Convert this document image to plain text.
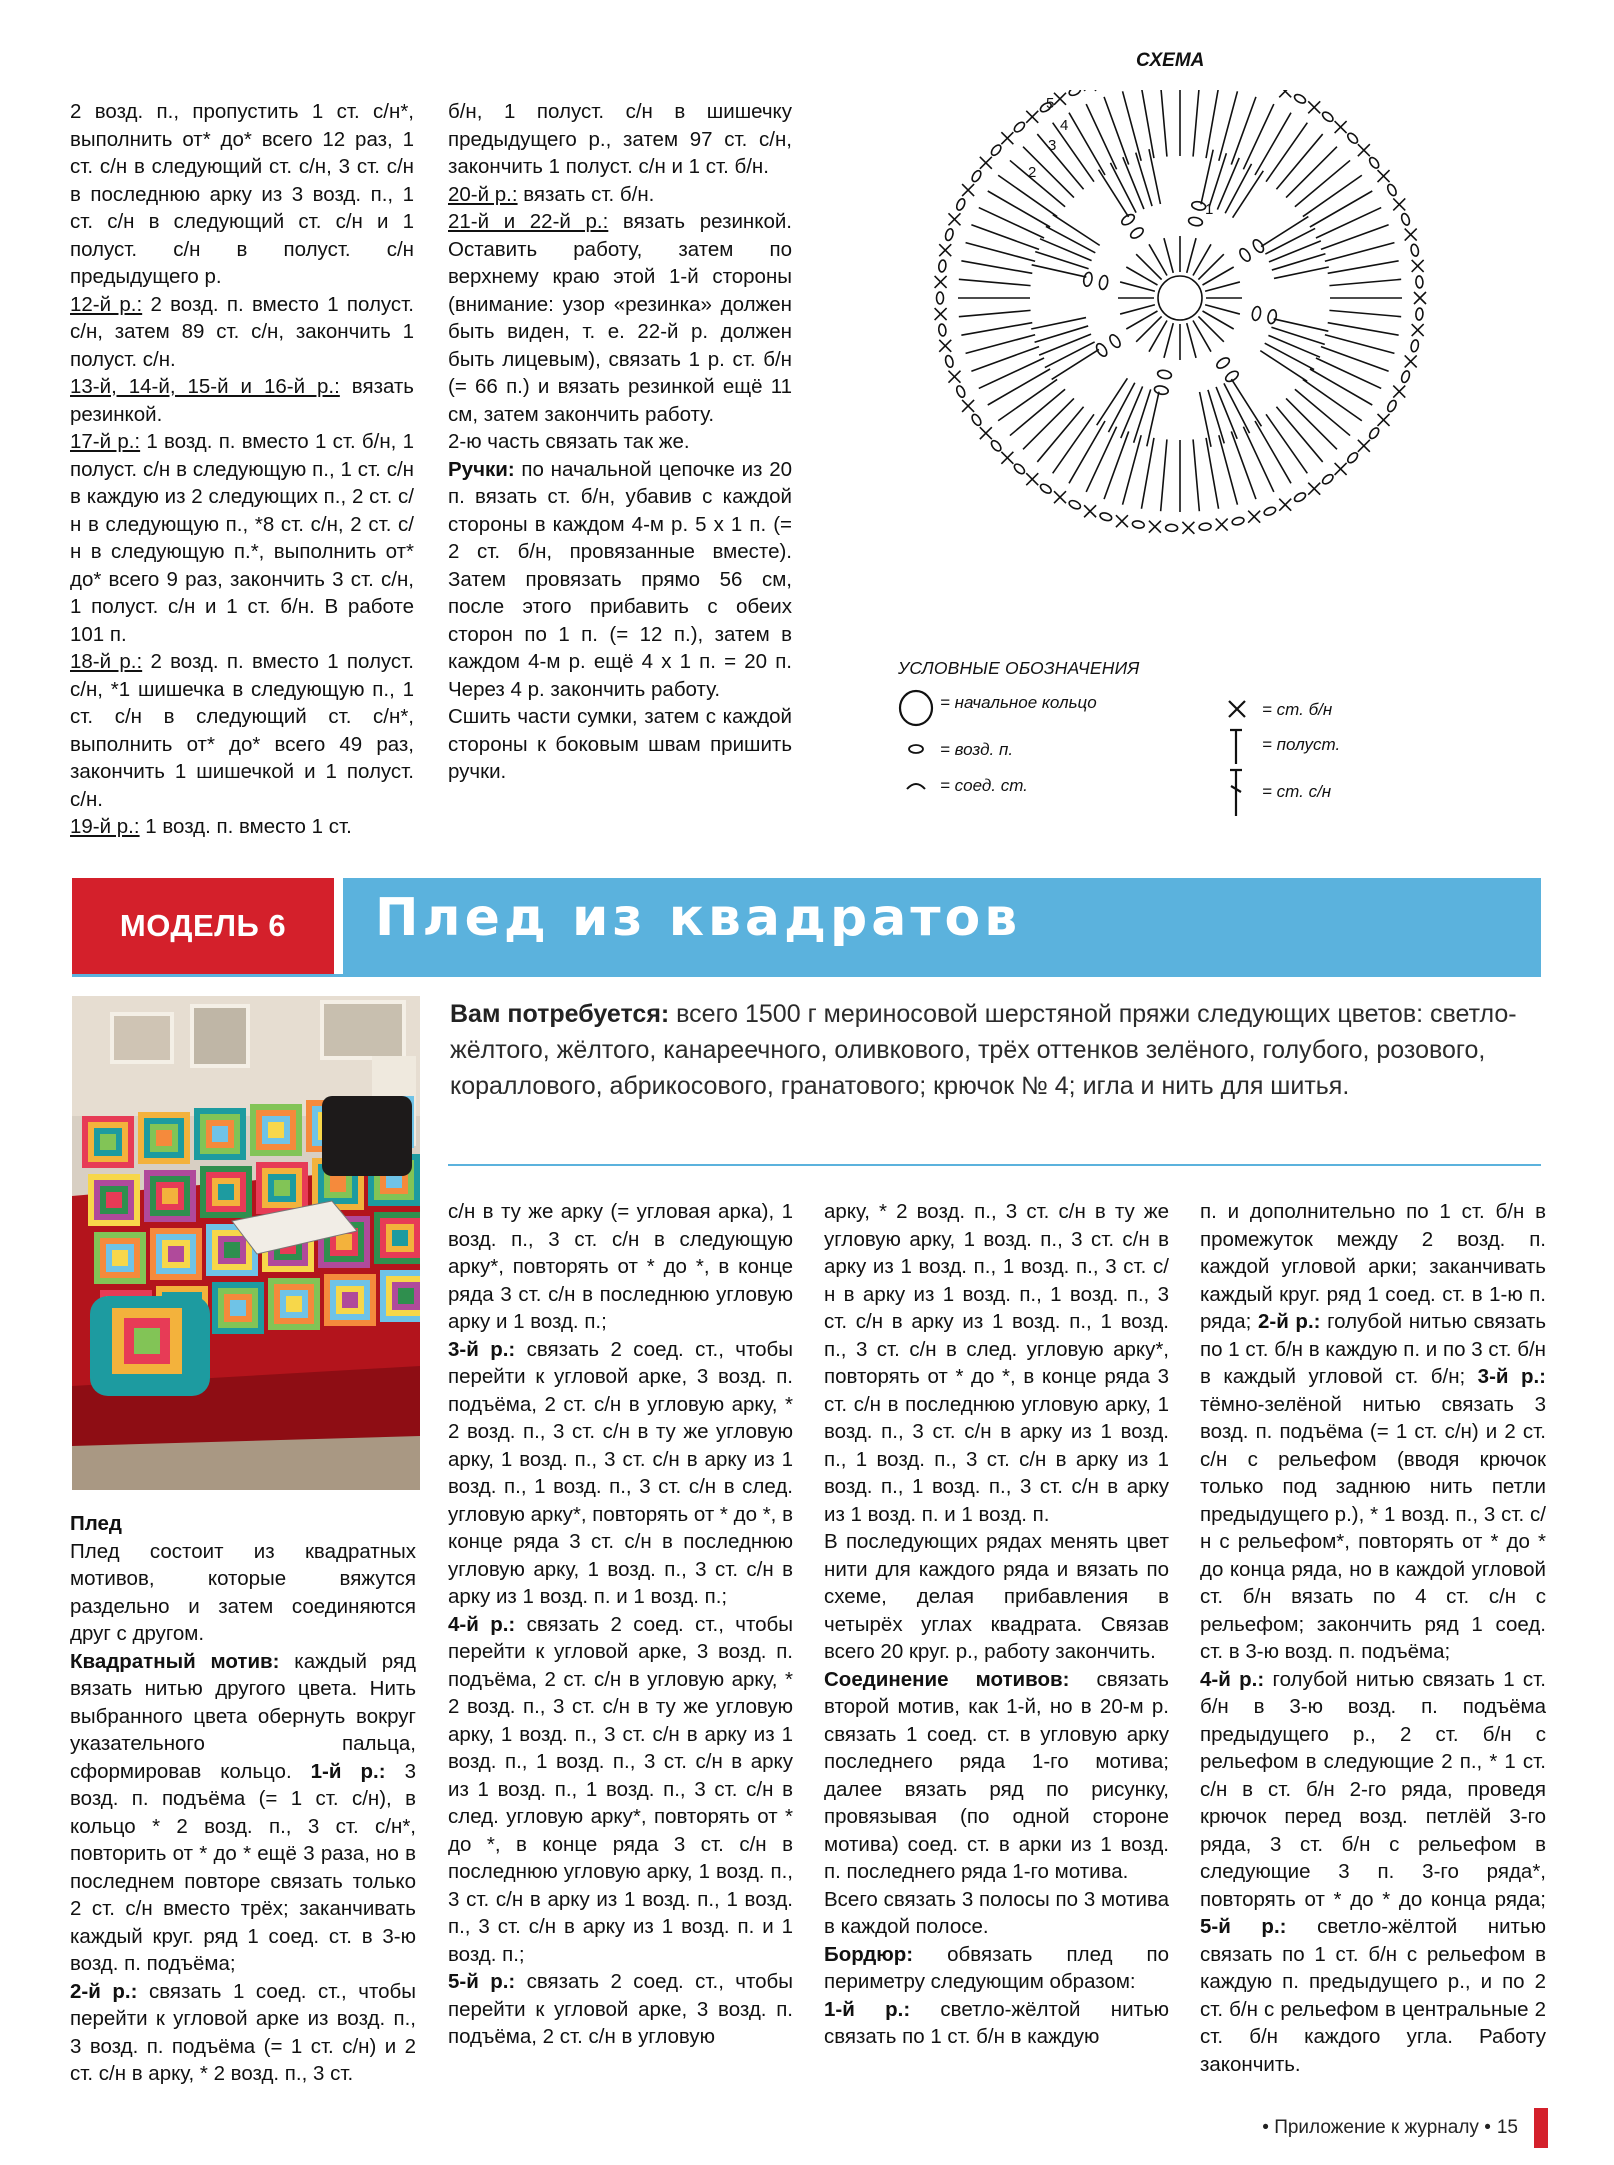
2 возд. п., пропустить 1 ст. с/н*, выполнить от* до* всего 12 раз, 1 ст. с/н в следующий ст. с/н, 3 ст. с/н в последнюю арку из 3 возд. п., 1 ст. с/н в следующий ст. с/н и 1 полуст. с/н в полуст. с/н предыдущего р.

12-й р.: 2 возд. п. вместо 1 полуст. с/н, затем 89 ст. с/н, закончить 1 полуст. с/н.

13-й, 14-й, 15-й и 16-й р.: вязать резинкой.

17-й р.: 1 возд. п. вместо 1 ст. б/н, 1 полуст. с/н в следующую п., 1 ст. с/н в каждую из 2 следующих п., 2 ст. с/н в следующую п., *8 ст. с/н, 2 ст. с/н в следующую п.*, выполнить от* до* всего 9 раз, закончить 3 ст. с/н, 1 полуст. с/н и 1 ст. б/н. В работе 101 п.

18-й р.: 2 возд. п. вместо 1 полуст. с/н, *1 шишечка в следующую п., 1 ст. с/н в следующий ст. с/н*, выполнить от* до* всего 49 раз, закончить 1 шишечкой и 1 полуст. с/н.

19-й р.: 1 возд. п. вместо 1 ст.

б/н, 1 полуст. с/н в шишечку предыдущего р., затем 97 ст. с/н, закончить 1 полуст. с/н и 1 ст. б/н.

20-й р.: вязать ст. б/н.

21-й и 22-й р.: вязать резинкой. Оставить работу, затем по верхнему краю этой 1-й стороны (внимание: узор «резинка» должен быть виден, т. е. 22-й р. должен быть лицевым), связать 1 р. ст. б/н (= 66 п.) и вязать резинкой ещё 11 см, затем закончить работу.

2-ю часть связать так же.

Ручки: по начальной цепочке из 20 п. вязать ст. б/н, убавив с каждой стороны в каждом 4-м р. 5 х 1 п. (= 2 ст. б/н, провязанные вместе). Затем провязать прямо 56 см, после этого прибавить с обеих сторон по 1 п. (= 12 п.), затем в каждом 4-м р. ещё 4 х 1 п. = 20 п. Через 4 р. закончить работу.

Сшить части сумки, затем с каждой стороны к боковым швам пришить ручки.

СХЕМА
1
2
3
4
5
УСЛОВНЫЕ ОБОЗНАЧЕНИЯ
= начальное кольцо
= возд. п.
= соед. ст.
= ст. б/н
= полуст.
= ст. с/н
МОДЕЛЬ 6	Плед из квадратов
Вам потребуется: всего 1500 г мериносовой шерстяной пряжи следующих цветов: светло-жёлтого, жёлтого, канареечного, оливкового, трёх оттенков зелёного, голубого, розового, кораллового, абрикосового, гранатового; крючок № 4; игла и нить для шитья.

Плед

Плед состоит из квадратных мотивов, которые вяжутся раздельно и затем соединяются друг с другом.

Квадратный мотив: каждый ряд вязать нитью другого цвета. Нить выбранного цвета обернуть вокруг указательного пальца, сформировав кольцо. 1-й р.: 3 возд. п. подъёма (= 1 ст. с/н), в кольцо * 2 возд. п., 3 ст. с/н*, повторить от * до * ещё 3 раза, но в последнем повторе связать только 2 ст. с/н вместо трёх; заканчивать каждый круг. ряд 1 соед. ст. в 3-ю возд. п. подъёма;

2-й р.: связать 1 соед. ст., чтобы перейти к угловой арке из возд. п., 3 возд. п. подъёма (= 1 ст. с/н) и 2 ст. с/н в арку, * 2 возд. п., 3 ст.

с/н в ту же арку (= угловая арка), 1 возд. п., 3 ст. с/н в следующую арку*, повторять от * до *, в конце ряда 3 ст. с/н в последнюю угловую арку и 1 возд. п.;

3-й р.: связать 2 соед. ст., чтобы перейти к угловой арке, 3 возд. п. подъёма, 2 ст. с/н в угловую арку, * 2 возд. п., 3 ст. с/н в ту же угловую арку, 1 возд. п., 3 ст. с/н в арку из 1 возд. п., 1 возд. п., 3 ст. с/н в след. угловую арку*, повторять от * до *, в конце ряда 3 ст. с/н в последнюю угловую арку, 1 возд. п., 3 ст. с/н в арку из 1 возд. п. и 1 возд. п.;

4-й р.: связать 2 соед. ст., чтобы перейти к угловой арке, 3 возд. п. подъёма, 2 ст. с/н в угловую арку, * 2 возд. п., 3 ст. с/н в ту же угловую арку, 1 возд. п., 3 ст. с/н в арку из 1 возд. п., 1 возд. п., 3 ст. с/н в арку из 1 возд. п., 1 возд. п., 3 ст. с/н в след. угловую арку*, повторять от * до *, в конце ряда 3 ст. с/н в последнюю угловую арку, 1 возд. п., 3 ст. с/н в арку из 1 возд. п., 1 возд. п., 3 ст. с/н в арку из 1 возд. п. и 1 возд. п.;

5-й р.: связать 2 соед. ст., чтобы перейти к угловой арке, 3 возд. п. подъёма, 2 ст. с/н в угловую

арку, * 2 возд. п., 3 ст. с/н в ту же угловую арку, 1 возд. п., 3 ст. с/н в арку из 1 возд. п., 1 возд. п., 3 ст. с/н в арку из 1 возд. п., 1 возд. п., 3 ст. с/н в арку из 1 возд. п., 1 возд. п., 3 ст. с/н в след. угловую арку*, повторять от * до *, в конце ряда 3 ст. с/н в последнюю угловую арку, 1 возд. п., 3 ст. с/н в арку из 1 возд. п., 1 возд. п., 3 ст. с/н в арку из 1 возд. п., 1 возд. п., 3 ст. с/н в арку из 1 возд. п. и 1 возд. п.

В последующих рядах менять цвет нити для каждого ряда и вязать по схеме, делая прибавления в четырёх углах квадрата. Связав всего 20 круг. р., работу закончить.

Соединение мотивов: связать второй мотив, как 1-й, но в 20-м р. связать 1 соед. ст. в угловую арку последнего ряда 1-го мотива; далее вязать ряд по рисунку, провязывая (по одной стороне мотива) соед. ст. в арки из 1 возд. п. последнего ряда 1-го мотива.

Всего связать 3 полосы по 3 мотива в каждой полосе.

Бордюр: обвязать плед по периметру следующим образом:

1-й р.: светло-жёлтой нитью связать по 1 ст. б/н в каждую

п. и дополнительно по 1 ст. б/н в промежуток между 2 возд. п. каждой угловой арки; заканчивать каждый круг. ряд 1 соед. ст. в 1-ю п. ряда; 2-й р.: голубой нитью связать по 1 ст. б/н в каждую п. и по 3 ст. б/н в каждый угловой ст. б/н; 3-й р.: тёмно-зелёной нитью связать 3 возд. п. подъёма (= 1 ст. с/н) и 2 ст. с/н с рельефом (вводя крючок только под заднюю нить петли предыдущего р.), * 1 возд. п., 3 ст. с/н с рельефом*, повторять от * до * до конца ряда, но в каждой угловой ст. б/н вязать по 4 ст. с/н с рельефом; закончить ряд 1 соед. ст. в 3-ю возд. п. подъёма;

4-й р.: голубой нитью связать 1 ст. б/н в 3-ю возд. п. подъёма предыдущего р., 2 ст. б/н с рельефом в следующие 2 п., * 1 ст. с/н в ст. б/н 2-го ряда, проведя крючок перед возд. петлёй 3-го ряда, 3 ст. б/н с рельефом в следующие 3 п. 3-го ряда*, повторять от * до * до конца ряда; 5-й р.: светло-жёлтой нитью связать по 1 ст. б/н с рельефом в каждую п. предыдущего р., и по 2 ст. б/н с рельефом в центральные 2 ст. б/н каждого угла. Работу закончить.

• Приложение к журналу • 15
